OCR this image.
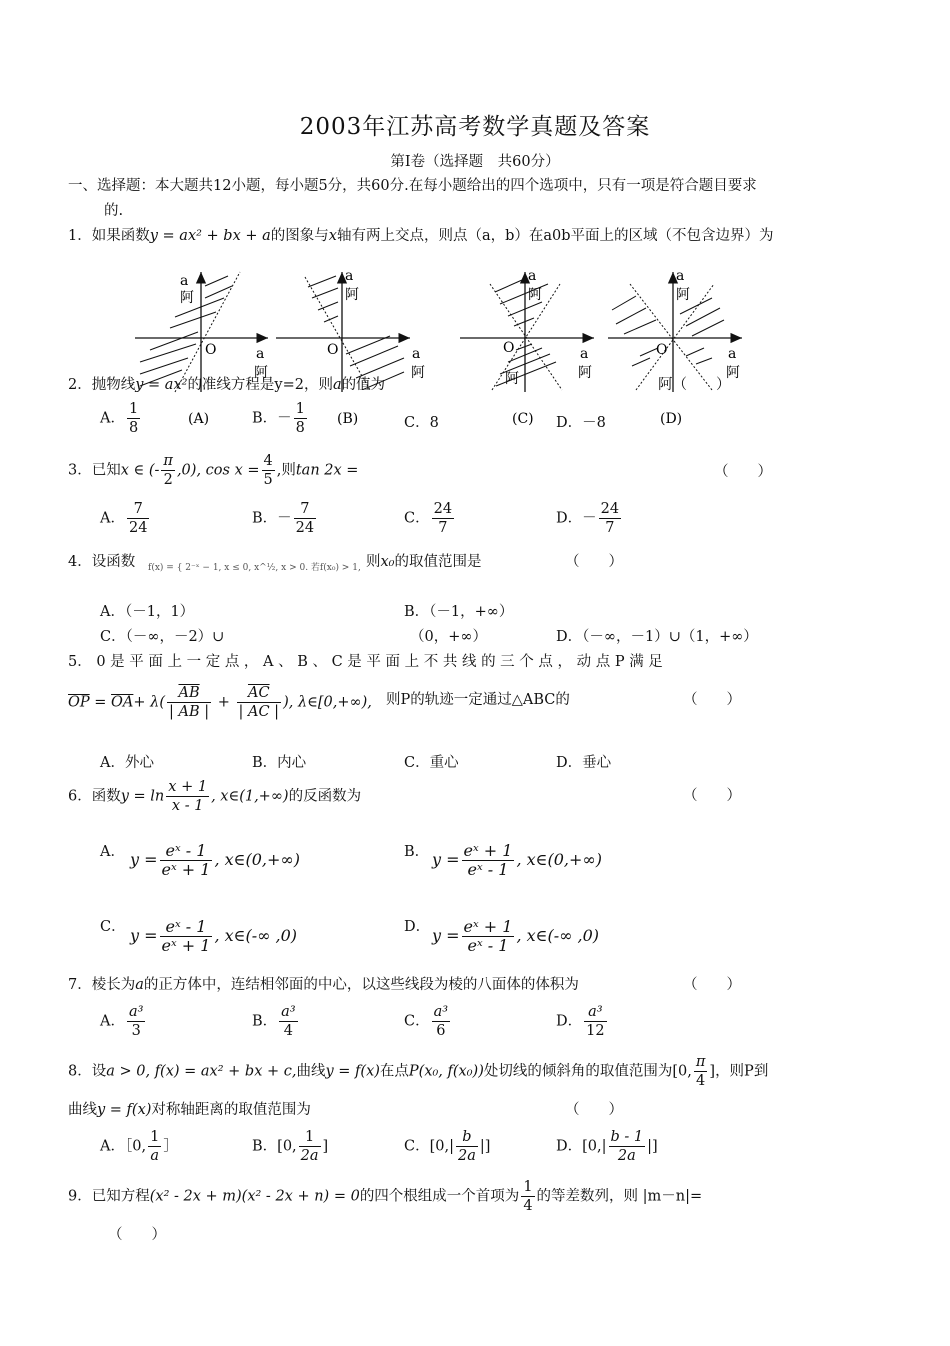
2003年江苏高考数学真题及答案
第Ⅰ卷（选择题　共60分）
一、选择题：本大题共12小题，每小题5分，共60分.在每小题给出的四个选项中，只有一项是符合题目要求
的.
1．如果函数y = ax² + bx + a的图象与x轴有两上交点，则点（a，b）在a0b平面上的区域（不包含边界）为
a
阿
O	a
阿
(A)
a
阿
O	a
阿
(B)
a
阿
O	a
阿
阿
(C)
a
阿
O	a
阿
(D)
2．抛物线y = ax²的准线方程是y=2，则a的值为	阿（　　）
A． $\frac{1}{8}$	B．－ $\frac{1}{8}$	C．8	D．－8
3．已知x ∈ (- $\frac{\pi}{2} ,0$), $\cos x = \frac{4}{5}$ ,则tan 2x =	（　　）
A． $\frac{7}{24}$	B．－ $\frac{7}{24}$	C． $\frac{24}{7}$	D．－ $\frac{24}{7}$
4．设函数 f(x) = { 2⁻ˣ − 1, x ≤ 0, x^½, x > 0. 若f(x₀) > 1, 则x₀的取值范围是	（　　）
A．（－1，1）	B．（－1，+∞）
C．（－∞，－2）∪	（0，+∞）	D．（－∞，－1）∪（1，+∞）
5． 0 是 平 面 上 一 定 点 ， A 、 B 、 C 是 平 面 上 不 共 线 的 三 个 点 ， 动 点 P 满 足
$\overline{OP} = \overline{OA}+ \lambda( \frac{\overline{AB}}{| AB |} + \frac{\overline{AC}}{| AC |}$ ), λ∈[0,+∞), 则P的轨迹一定通过△ABC的	（　　）
A．外心	B．内心	C．重心	D．垂心
6．函数$y = \ln \frac{x + 1}{x - 1}$ , x∈(1,+∞)的反函数为	（　　）
A． $y = \frac{\text{eˣ - 1}}{\text{eˣ + 1}}$ , x∈(0,+∞)	B． $y = \frac{\text{eˣ + 1}}{\text{eˣ - 1}}$ , x∈(0,+∞)
C． $y = \frac{\text{eˣ - 1}}{\text{eˣ + 1}}$ , x∈(-∞ ,0)	D． $y = \frac{\text{eˣ + 1}}{\text{eˣ - 1}}$ , x∈(-∞ ,0)
7．棱长为a的正方体中，连结相邻面的中心，以这些线段为棱的八面体的体积为	（　　）
A． $\frac{\text{a³}}{3}$	B． $\frac{\text{a³}}{4}$	C． $\frac{\text{a³}}{6}$	D． $\frac{\text{a³}}{12}$
8．设a > 0, f(x) = ax² + bx + c,曲线y = f(x)在点P(x₀, f(x₀))处切线的倾斜角的取值范围为[0, $\frac{\pi}{4}$ ]，则P到
曲线y = f(x)对称轴距离的取值范围为	（　　）
A．［0, $\frac{1}{a}$ ］	B．[0, $\frac{1}{2a}$ ]	C．[$0,| \frac{b}{2a}$ |]	D．[$0,| \frac{b - 1}{2a}$ |]
9．已知方程(x² - 2x + m)(x² - 2x + n) = 0的四个根组成一个首项为 $\frac{1}{4}$ 的等差数列，则 |m－n|=
（　　）
